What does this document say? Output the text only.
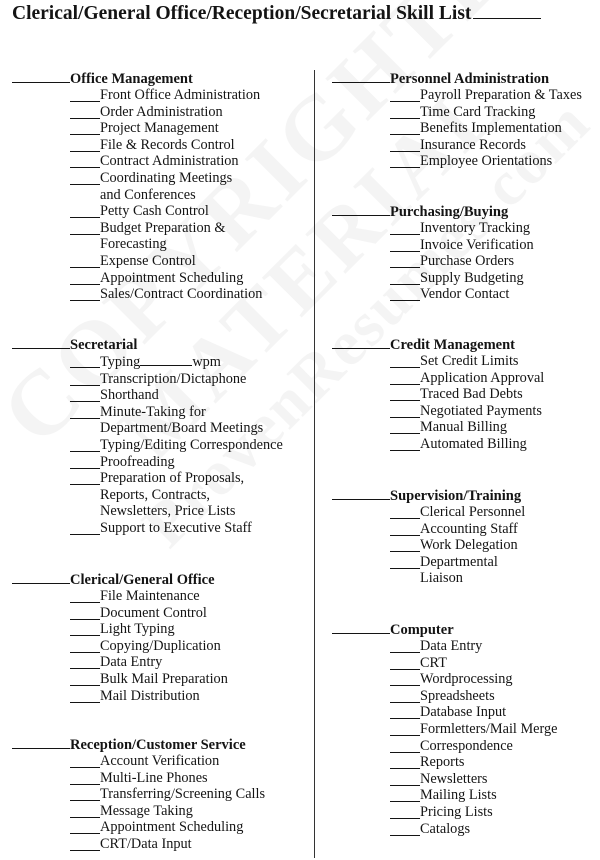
Clerical/General Office/Reception/Secretarial Skill List
Office Management
Front Office Administration
Order Administration
Project Management
File & Records Control
Contract Administration
Coordinating Meetings
and Conferences
Petty Cash Control
Budget Preparation &
Forecasting
Expense Control
Appointment Scheduling
Sales/Contract Coordination
Secretarial
Typing	wpm
Transcription/Dictaphone
Shorthand
Minute-Taking for
Department/Board Meetings
Typing/Editing Correspondence
Proofreading
Preparation of Proposals,
Reports, Contracts,
Newsletters, Price Lists
Support to Executive Staff
Clerical/General Office
File Maintenance
Document Control
Light Typing
Copying/Duplication
Data Entry
Bulk Mail Preparation
Mail Distribution
Reception/Customer Service
Account Verification
Multi-Line Phones
Transferring/Screening Calls
Message Taking
Appointment Scheduling
CRT/Data Input
Personnel Administration
Payroll Preparation & Taxes
Time Card Tracking
Benefits Implementation
Insurance Records
Employee Orientations
Purchasing/Buying
Inventory Tracking
Invoice Verification
Purchase Orders
Supply Budgeting
Vendor Contact
Credit Management
Set Credit Limits
Application Approval
Traced Bad Debts
Negotiated Payments
Manual Billing
Automated Billing
Supervision/Training
Clerical Personnel
Accounting Staff
Work Delegation
Departmental
Liaison
Computer
Data Entry
CRT
Wordprocessing
Spreadsheets
Database Input
Formletters/Mail Merge
Correspondence
Reports
Newsletters
Mailing Lists
Pricing Lists
Catalogs
